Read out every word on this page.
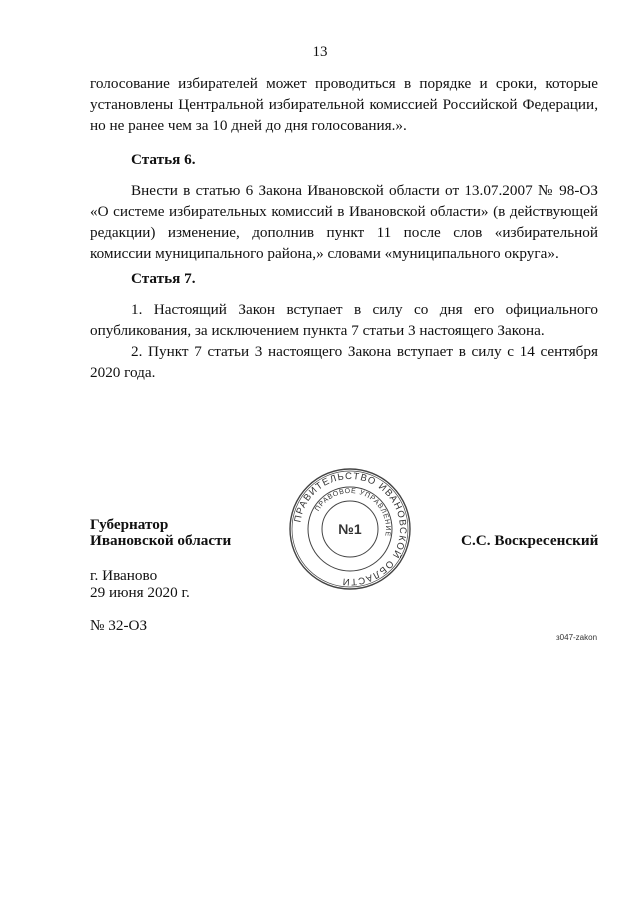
13
голосование избирателей может проводиться в порядке и сроки, которые установлены Центральной избирательной комиссией Российской Федерации, но не ранее чем за 10 дней до дня голосования.».
Статья 6.
Внести в статью 6 Закона Ивановской области от 13.07.2007 № 98-ОЗ «О системе избирательных комиссий в Ивановской области» (в действующей редакции) изменение, дополнив пункт 11 после слов «избирательной комиссии муниципального района,» словами «муниципального округа».
Статья 7.
1. Настоящий Закон вступает в силу со дня его официального опубликования, за исключением пункта 7 статьи 3 настоящего Закона.
2. Пункт 7 статьи 3 настоящего Закона вступает в силу с 14 сентября 2020 года.
Губернатор
Ивановской области	С.С. Воскресенский
ПРАВИТЕЛЬСТВО ИВАНОВСКОЙ ОБЛАСТИ
ПРАВОВОЕ УПРАВЛЕНИЕ
№1
г. Иваново
29 июня 2020 г.
№ 32-ОЗ
з047-zakon
